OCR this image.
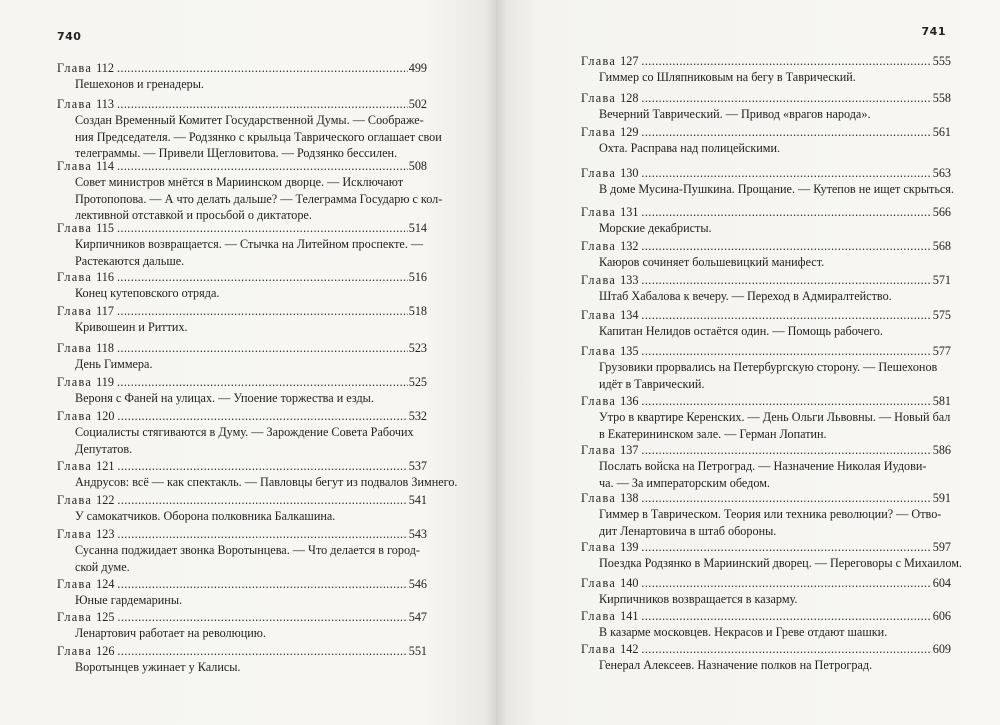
740
Глава 112 .....	499
Пешехонов и гренадеры.
Глава 113 .....	502
Создан Временный Комитет Государственной Думы. — Соображе-
ния Председателя. — Родзянко с крыльца Таврического оглашает свои
телеграммы. — Привели Щегловитова. — Родзянко бессилен.
Глава 114 .....	508
Совет министров мнётся в Мариинском дворце. — Исключают
Протопопова. — А что делать дальше? — Телеграмма Государю с кол-
лективной отставкой и просьбой о диктаторе.
Глава 115 .....	514
Кирпичников возвращается. — Стычка на Литейном проспекте. —
Растекаются дальше.
Глава 116 .....	516
Конец кутеповского отряда.
Глава 117 .....	518
Кривошеин и Риттих.
Глава 118 .....	523
День Гиммера.
Глава 119 .....	525
Вероня с Фаней на улицах. — Упоение торжества и езды.
Глава 120 .....	532
Социалисты стягиваются в Думу. — Зарождение Совета Рабочих
Депутатов.
Глава 121 .....	537
Андрусов: всё — как спектакль. — Павловцы бегут из подвалов Зимнего.
Глава 122 .....	541
У самокатчиков. Оборона полковника Балкашина.
Глава 123 .....	543
Сусанна поджидает звонка Воротынцева. — Что делается в город-
ской думе.
Глава 124 .....	546
Юные гардемарины.
Глава 125 .....	547
Ленартович работает на революцию.
Глава 126 .....	551
Воротынцев ужинает у Калисы.
741
Глава 127 .....	555
Гиммер со Шляпниковым на бегу в Таврический.
Глава 128 .....	558
Вечерний Таврический. — Привод «врагов народа».
Глава 129 .....	561
Охта. Расправа над полицейскими.
Глава 130 .....	563
В доме Мусина-Пушкина. Прощание. — Кутепов не ищет скрыться.
Глава 131 .....	566
Морские декабристы.
Глава 132 .....	568
Каюров сочиняет большевицкий манифест.
Глава 133 .....	571
Штаб Хабалова к вечеру. — Переход в Адмиралтейство.
Глава 134 .....	575
Капитан Нелидов остаётся один. — Помощь рабочего.
Глава 135 .....	577
Грузовики прорвались на Петербургскую сторону. — Пешехонов
идёт в Таврический.
Глава 136 .....	581
Утро в квартире Керенских. — День Ольги Львовны. — Новый бал
в Екатерининском зале. — Герман Лопатин.
Глава 137 .....	586
Послать войска на Петроград. — Назначение Николая Иудови-
ча. — За императорским обедом.
Глава 138 .....	591
Гиммер в Таврическом. Теория или техника революции? — Отво-
дит Ленартовича в штаб обороны.
Глава 139 .....	597
Поездка Родзянко в Мариинский дворец. — Переговоры с Михаилом.
Глава 140 .....	604
Кирпичников возвращается в казарму.
Глава 141 .....	606
В казарме московцев. Некрасов и Греве отдают шашки.
Глава 142 .....	609
Генерал Алексеев. Назначение полков на Петроград.
